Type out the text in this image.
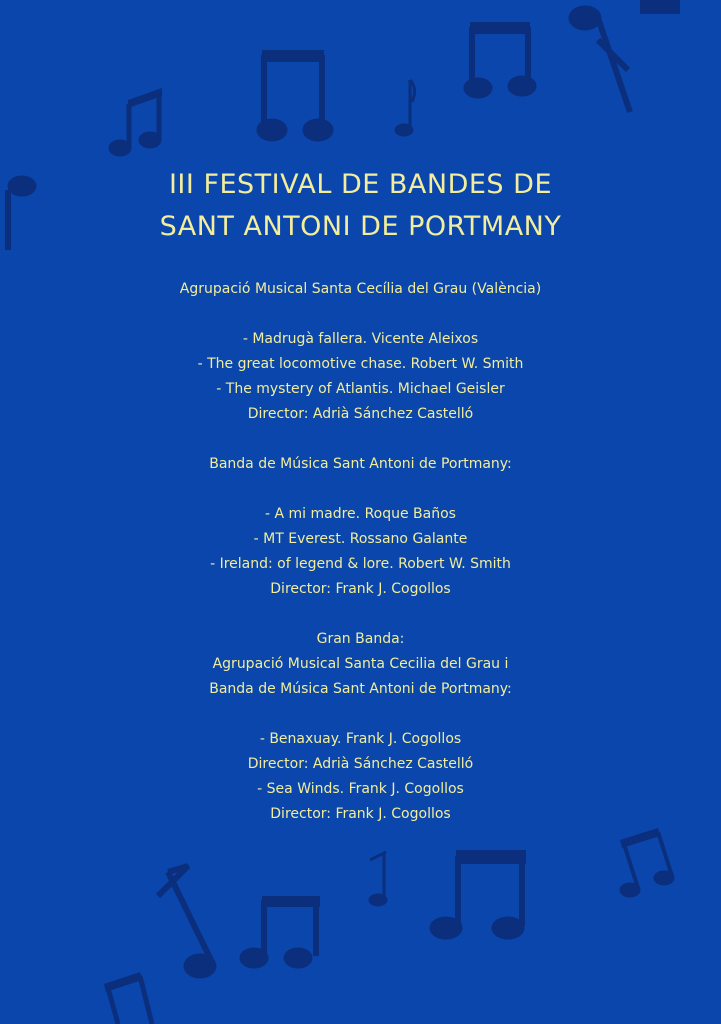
III FESTIVAL DE BANDES DE
SANT ANTONI DE PORTMANY
Agrupació Musical Santa Cecília del Grau (València)
- Madrugà fallera. Vicente Aleixos
- The great locomotive chase. Robert W. Smith
- The mystery of Atlantis. Michael Geisler
Director: Adrià Sánchez Castelló
Banda de Música Sant Antoni de Portmany:
- A mi madre. Roque Baños
- MT Everest. Rossano Galante
- Ireland: of legend & lore. Robert W. Smith
Director: Frank J. Cogollos
Gran Banda:
Agrupació Musical Santa Cecilia del Grau i
Banda de Música Sant Antoni de Portmany:
- Benaxuay. Frank J. Cogollos
Director: Adrià Sánchez Castelló
- Sea Winds. Frank J. Cogollos
Director: Frank J. Cogollos
